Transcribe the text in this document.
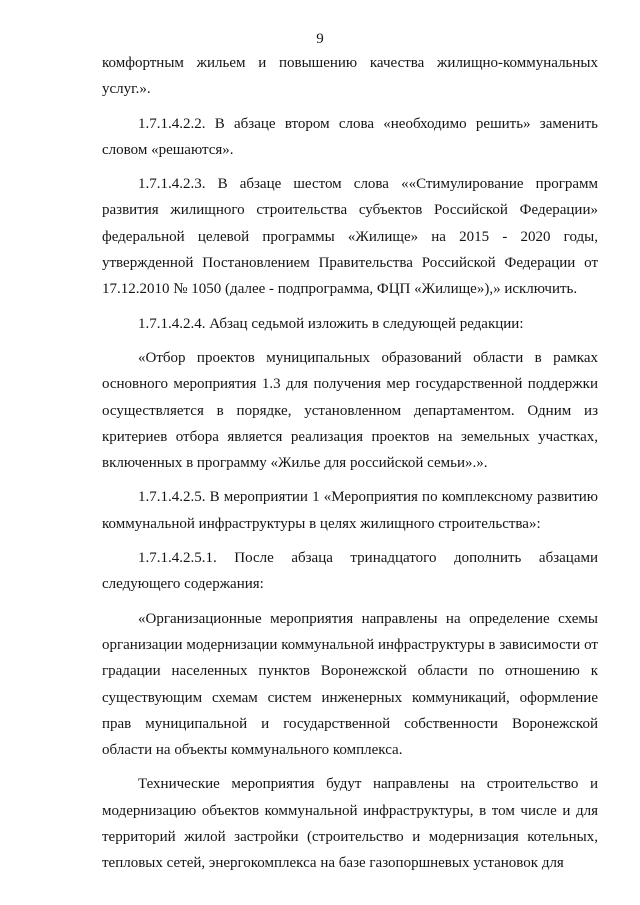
9

комфортным жильем и повышению качества жилищно-коммунальных услуг.».

1.7.1.4.2.2. В абзаце втором слова «необходимо решить» заменить словом «решаются».

1.7.1.4.2.3. В абзаце шестом слова ««Стимулирование программ развития жилищного строительства субъектов Российской Федерации» федеральной целевой программы «Жилище» на 2015 - 2020 годы, утвержденной Постановлением Правительства Российской Федерации от 17.12.2010 № 1050 (далее - подпрограмма, ФЦП «Жилище»),» исключить.

1.7.1.4.2.4. Абзац седьмой изложить в следующей редакции:

«Отбор проектов муниципальных образований области в рамках основного мероприятия 1.3 для получения мер государственной поддержки осуществляется в порядке, установленном департаментом. Одним из критериев отбора является реализация проектов на земельных участках, включенных в программу «Жилье для российской семьи».».

1.7.1.4.2.5. В мероприятии 1 «Мероприятия по комплексному развитию коммунальной инфраструктуры в целях жилищного строительства»:

1.7.1.4.2.5.1. После абзаца тринадцатого дополнить абзацами следующего содержания:

«Организационные мероприятия направлены на определение схемы организации модернизации коммунальной инфраструктуры в зависимости от градации населенных пунктов Воронежской области по отношению к существующим схемам систем инженерных коммуникаций, оформление прав муниципальной и государственной собственности Воронежской области на объекты коммунального комплекса.

Технические мероприятия будут направлены на строительство и модернизацию объектов коммунальной инфраструктуры, в том числе и для территорий жилой застройки (строительство и модернизация котельных, тепловых сетей, энергокомплекса на базе газопоршневых установок для
